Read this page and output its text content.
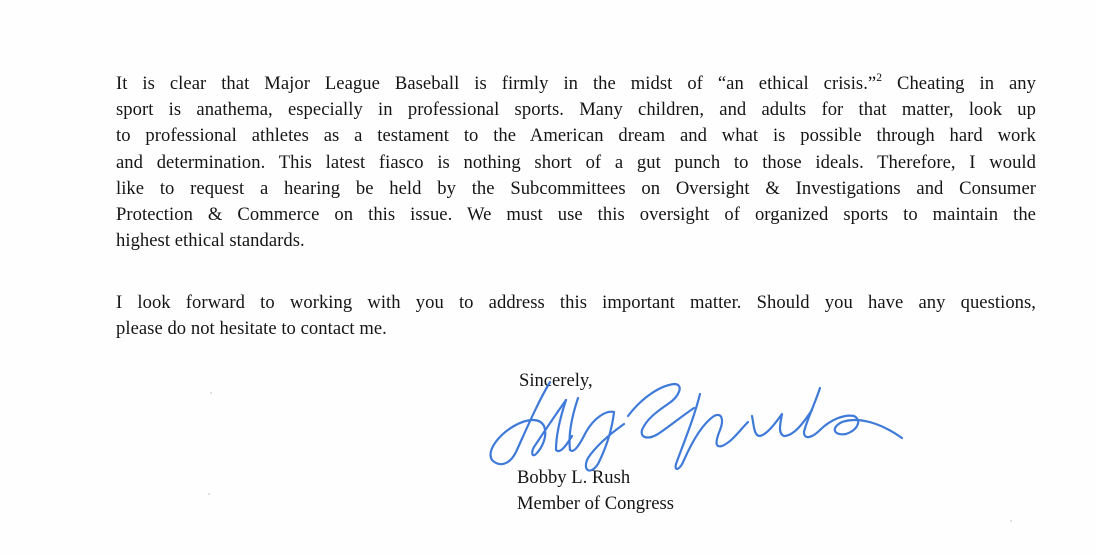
It is clear that Major League Baseball is firmly in the midst of “an ethical crisis.”$^2$ Cheating in any
sport is anathema, especially in professional sports. Many children, and adults for that matter, look up
to professional athletes as a testament to the American dream and what is possible through hard work
and determination. This latest fiasco is nothing short of a gut punch to those ideals. Therefore, I would
like to request a hearing be held by the Subcommittees on Oversight & Investigations and Consumer
Protection & Commerce on this issue. We must use this oversight of organized sports to maintain the
highest ethical standards.

I look forward to working with you to address this important matter. Should you have any questions,
please do not hesitate to contact me.

Sincerely,
Bobby L. Rush
Member of Congress
